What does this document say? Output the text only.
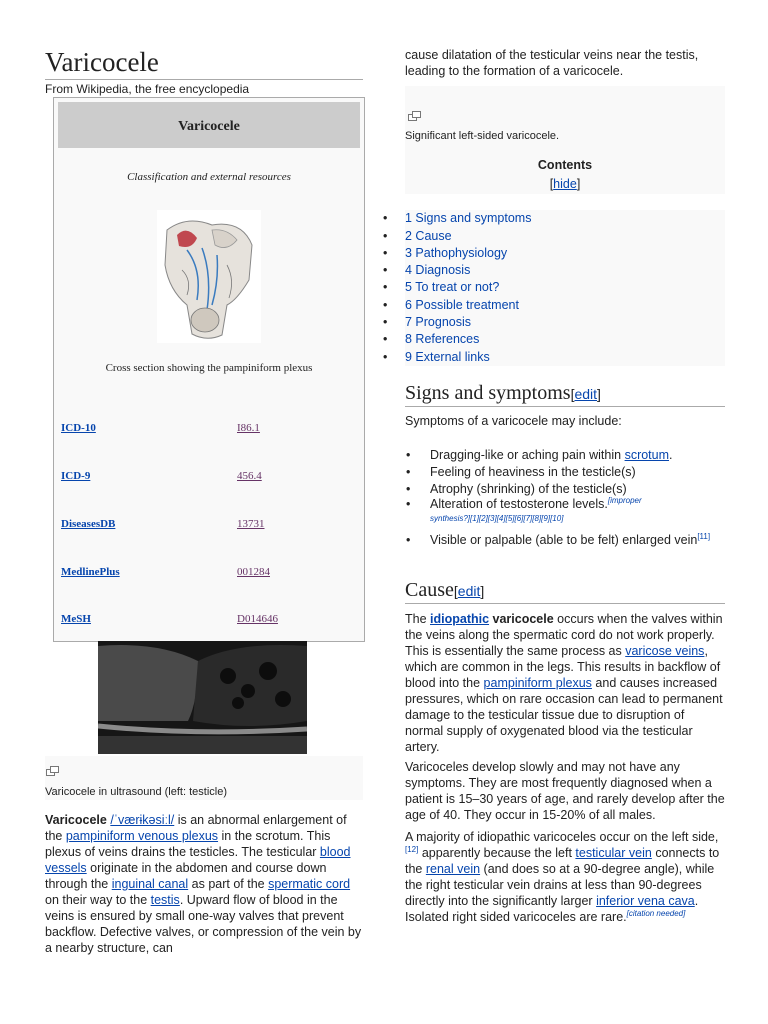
Varicocele
From Wikipedia, the free encyclopedia
Varicocele
Classification and external resources
Cross section showing the pampiniform plexus
ICD-10	I86.1
ICD-9	456.4
DiseasesDB	13731
MedlinePlus	001284
MeSH	D014646
Varicocele in ultrasound (left: testicle)
Varicocele /ˈværɨkəsiːl/ is an abnormal enlargement of the pampiniform venous plexus in the scrotum. This plexus of veins drains the testicles. The testicular blood vessels originate in the abdomen and course down through the inguinal canal as part of the spermatic cord on their way to the testis. Upward flow of blood in the veins is ensured by small one-way valves that prevent backflow. Defective valves, or compression of the vein by a nearby structure, can
cause dilatation of the testicular veins near the testis, leading to the formation of a varicocele.
Significant left-sided varicocele.
Contents
[hide]
• 1 Signs and symptoms
• 2 Cause
• 3 Pathophysiology
• 4 Diagnosis
• 5 To treat or not?
• 6 Possible treatment
• 7 Prognosis
• 8 References
• 9 External links
Signs and symptoms[edit]
Symptoms of a varicocele may include:
• Dragging-like or aching pain within scrotum.
• Feeling of heaviness in the testicle(s)
• Atrophy (shrinking) of the testicle(s)
• Alteration of testosterone levels.$^{[improper}$
synthesis?][1][2][3][4][5][6][7][8][9][10]
• Visible or palpable (able to be felt) enlarged vein[11]
Cause[edit]
The idiopathic varicocele occurs when the valves within the veins along the spermatic cord do not work properly. This is essentially the same process as varicose veins, which are common in the legs. This results in backflow of blood into the pampiniform plexus and causes increased pressures, which on rare occasion can lead to permanent damage to the testicular tissue due to disruption of normal supply of oxygenated blood via the testicular artery.
Varicoceles develop slowly and may not have any symptoms. They are most frequently diagnosed when a patient is 15–30 years of age, and rarely develop after the age of 40. They occur in 15-20% of all males.
A majority of idiopathic varicoceles occur on the left side,[12] apparently because the left testicular vein connects to the renal vein (and does so at a 90-degree angle), while the right testicular vein drains at less than 90-degrees directly into the significantly larger inferior vena cava. Isolated right sided varicoceles are rare.[citation needed]
